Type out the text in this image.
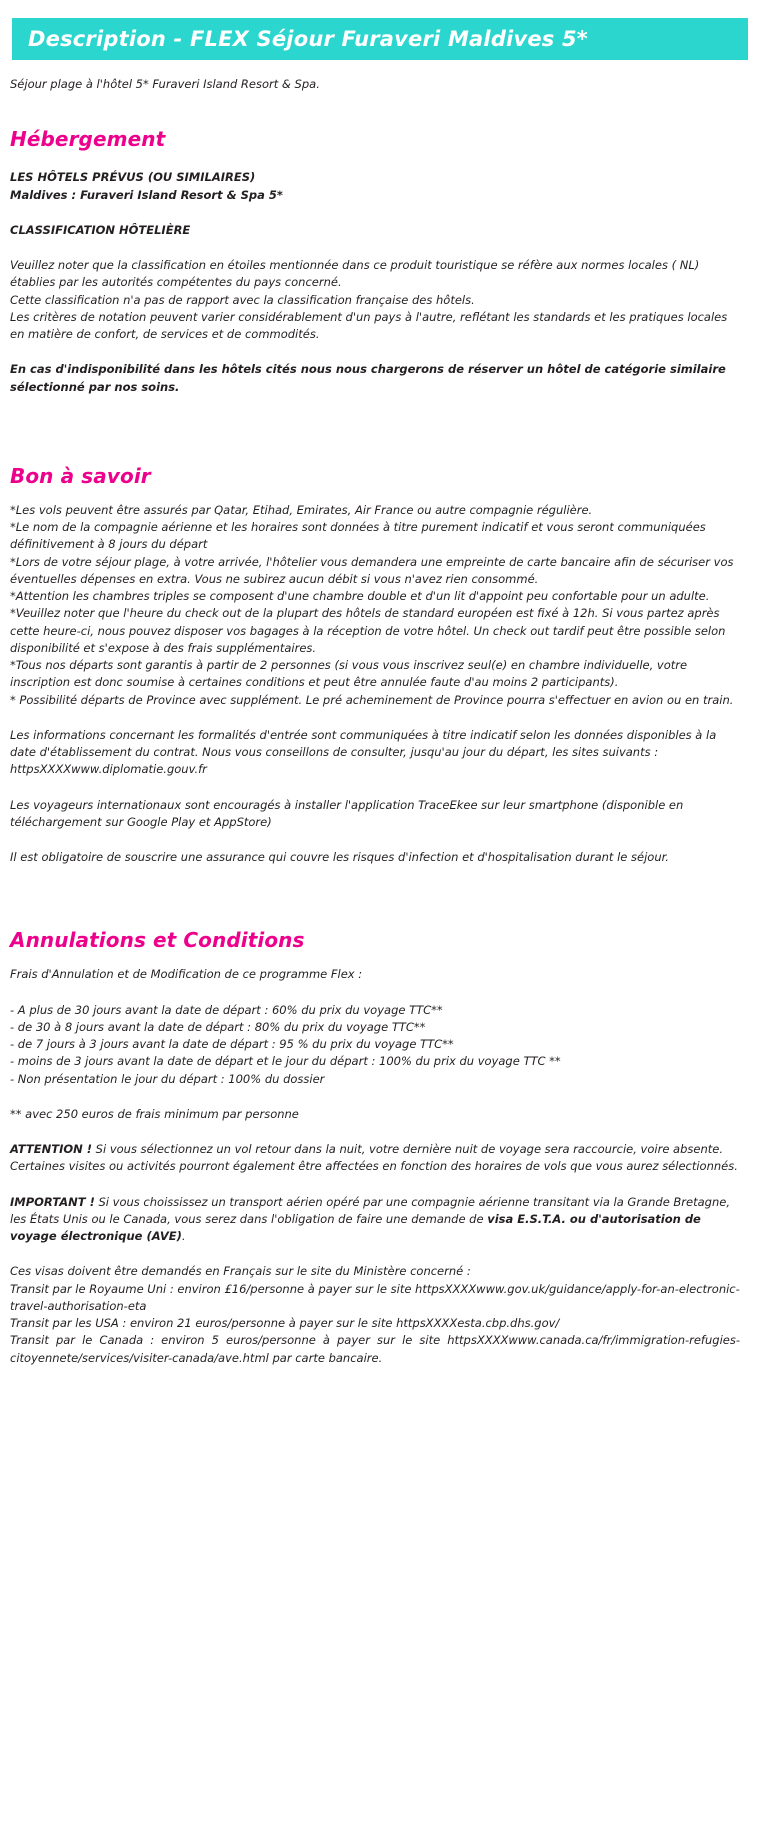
Description - FLEX Séjour Furaveri Maldives 5*

Séjour plage à l'hôtel 5* Furaveri Island Resort & Spa.

Hébergement

LES HÔTELS PRÉVUS (OU SIMILAIRES)

Maldives : Furaveri Island Resort & Spa 5*

CLASSIFICATION HÔTELIÈRE

Veuillez noter que la classification en étoiles mentionnée dans ce produit touristique se réfère aux normes locales ( NL) établies par les autorités compétentes du pays concerné.

Cette classification n'a pas de rapport avec la classification française des hôtels.

Les critères de notation peuvent varier considérablement d'un pays à l'autre, reflétant les standards et les pratiques locales en matière de confort, de services et de commodités.

En cas d'indisponibilité dans les hôtels cités nous nous chargerons de réserver un hôtel de catégorie similaire sélectionné par nos soins.

Bon à savoir

*Les vols peuvent être assurés par Qatar, Etihad, Emirates, Air France ou autre compagnie régulière.

*Le nom de la compagnie aérienne et les horaires sont données à titre purement indicatif et vous seront communiquées définitivement à 8 jours du départ

*Lors de votre séjour plage, à votre arrivée, l'hôtelier vous demandera une empreinte de carte bancaire afin de sécuriser vos éventuelles dépenses en extra. Vous ne subirez aucun débit si vous n'avez rien consommé.

*Attention les chambres triples se composent d'une chambre double et d'un lit d'appoint peu confortable pour un adulte.

*Veuillez noter que l'heure du check out de la plupart des hôtels de standard européen est fixé à 12h. Si vous partez après cette heure-ci, nous pouvez disposer vos bagages à la réception de votre hôtel. Un check out tardif peut être possible selon disponibilité et s'expose à des frais supplémentaires.

*Tous nos départs sont garantis à partir de 2 personnes (si vous vous inscrivez seul(e) en chambre individuelle, votre inscription est donc soumise à certaines conditions et peut être annulée faute d'au moins 2 participants).

* Possibilité départs de Province avec supplément. Le pré acheminement de Province pourra s'effectuer en avion ou en train.

Les informations concernant les formalités d'entrée sont communiquées à titre indicatif selon les données disponibles à la date d'établissement du contrat. Nous vous conseillons de consulter, jusqu'au jour du départ, les sites suivants : httpsXXXXwww.diplomatie.gouv.fr

Les voyageurs internationaux sont encouragés à installer l'application TraceEkee sur leur smartphone (disponible en téléchargement sur Google Play et AppStore)

Il est obligatoire de souscrire une assurance qui couvre les risques d'infection et d'hospitalisation durant le séjour.

Annulations et Conditions

Frais d'Annulation et de Modification de ce programme Flex :

- A plus de 30 jours avant la date de départ : 60% du prix du voyage TTC**

- de 30 à 8 jours avant la date de départ : 80% du prix du voyage TTC**

- de 7 jours à 3 jours avant la date de départ : 95 % du prix du voyage TTC**

- moins de 3 jours avant la date de départ et le jour du départ : 100% du prix du voyage TTC **

- Non présentation le jour du départ : 100% du dossier

** avec 250 euros de frais minimum par personne

ATTENTION ! Si vous sélectionnez un vol retour dans la nuit, votre dernière nuit de voyage sera raccourcie, voire absente. Certaines visites ou activités pourront également être affectées en fonction des horaires de vols que vous aurez sélectionnés.

IMPORTANT ! Si vous choississez un transport aérien opéré par une compagnie aérienne transitant via la Grande Bretagne, les États Unis ou le Canada, vous serez dans l'obligation de faire une demande de visa E.S.T.A. ou d'autorisation de voyage électronique (AVE).

Ces visas doivent être demandés en Français sur le site du Ministère concerné :

Transit par le Royaume Uni : environ £16/personne à payer sur le site httpsXXXXwww.gov.uk/guidance/apply-for-an-electronic-travel-authorisation-eta

Transit par les USA : environ 21 euros/personne à payer sur le site httpsXXXXesta.cbp.dhs.gov/

Transit par le Canada : environ 5 euros/personne à payer sur le site httpsXXXXwww.canada.ca/fr/immigration-refugies-citoyennete/services/visiter-canada/ave.html par carte bancaire.
